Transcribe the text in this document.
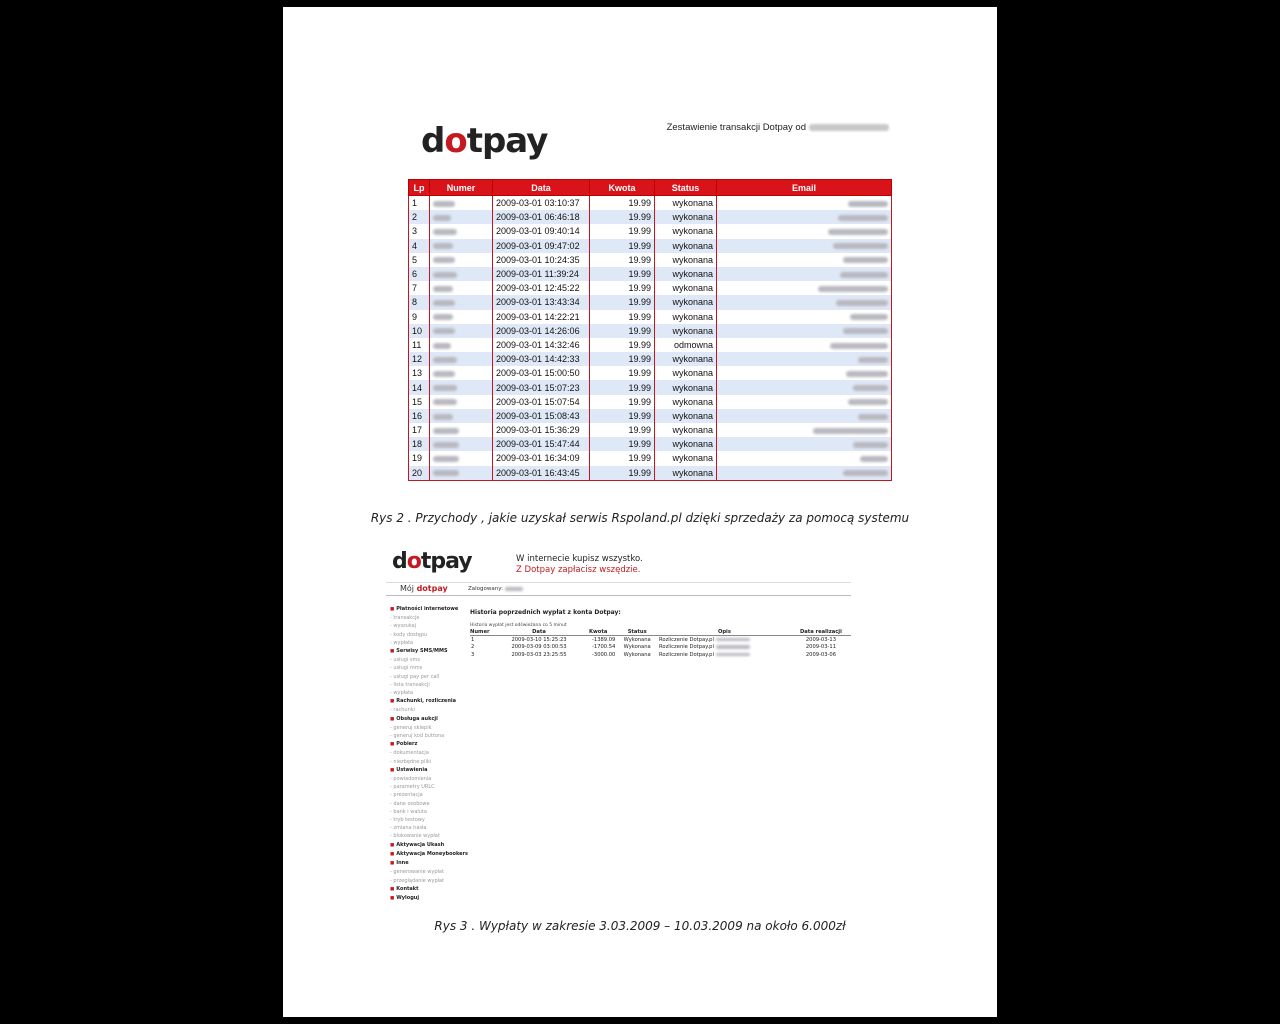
dotpay	Zestawienie transakcji Dotpay od
Lp	Numer	Data	Kwota	Status	Email
1		2009-03-01 03:10:37	19.99	wykonana	
2		2009-03-01 06:46:18	19.99	wykonana	
3		2009-03-01 09:40:14	19.99	wykonana	
4		2009-03-01 09:47:02	19.99	wykonana	
5		2009-03-01 10:24:35	19.99	wykonana	
6		2009-03-01 11:39:24	19.99	wykonana	
7		2009-03-01 12:45:22	19.99	wykonana	
8		2009-03-01 13:43:34	19.99	wykonana	
9		2009-03-01 14:22:21	19.99	wykonana	
10		2009-03-01 14:26:06	19.99	wykonana	
11		2009-03-01 14:32:46	19.99	odmowna	
12		2009-03-01 14:42:33	19.99	wykonana	
13		2009-03-01 15:00:50	19.99	wykonana	
14		2009-03-01 15:07:23	19.99	wykonana	
15		2009-03-01 15:07:54	19.99	wykonana	
16		2009-03-01 15:08:43	19.99	wykonana	
17		2009-03-01 15:36:29	19.99	wykonana	
18		2009-03-01 15:47:44	19.99	wykonana	
19		2009-03-01 16:34:09	19.99	wykonana	
20		2009-03-01 16:43:45	19.99	wykonana	
Rys 2 . Przychody , jakie uzyskał serwis Rspoland.pl dzięki sprzedaży za pomocą systemu
dotpay	W internecie kupisz wszystko.
Z Dotpay zapłacisz wszędzie.
Mój dotpay	Zalogowany:
■ Płatności internetowe
- transakcje
- wyszukaj
- kody dostępu
- wypłata
■ Serwisy SMS/MMS
- usługi sms
- usługi mms
- usługi pay per call
- lista transakcji
- wypłata
■ Rachunki, rozliczenia
- rachunki
■ Obsługa aukcji
- generuj sklepik
- generuj kod buttona
■ Pobierz
- dokumentacja
- niezbędne pliki
■ Ustawienia
- powiadomienia
- parametry URLC
- prezentacja
- dane osobowe
- bank i waluta
- tryb testowy
- zmiana hasła
- blokowanie wypłat
■ Aktywacja Ukash
■ Aktywacja Moneybookers
■ Inne
- generowanie wypłat
- przeglądanie wypłat
■ Kontakt
■ Wyloguj
Historia poprzednich wypłat z konta Dotpay:
Historia wypłat jest odświeżana co 5 minut
Numer	Data	Kwota	Status	Opis	Data realizacji
1	2009-03-10 15:25:23	-1389.09	Wykonana	Rozliczenie Dotpay.pl	2009-03-13
2	2009-03-09 03:00:53	-1700.54	Wykonana	Rozliczenie Dotpay.pl	2009-03-11
3	2009-03-03 23:25:55	-3000.00	Wykonana	Rozliczenie Dotpay.pl	2009-03-06
Rys 3 . Wypłaty w zakresie 3.03.2009 – 10.03.2009 na około 6.000zł
